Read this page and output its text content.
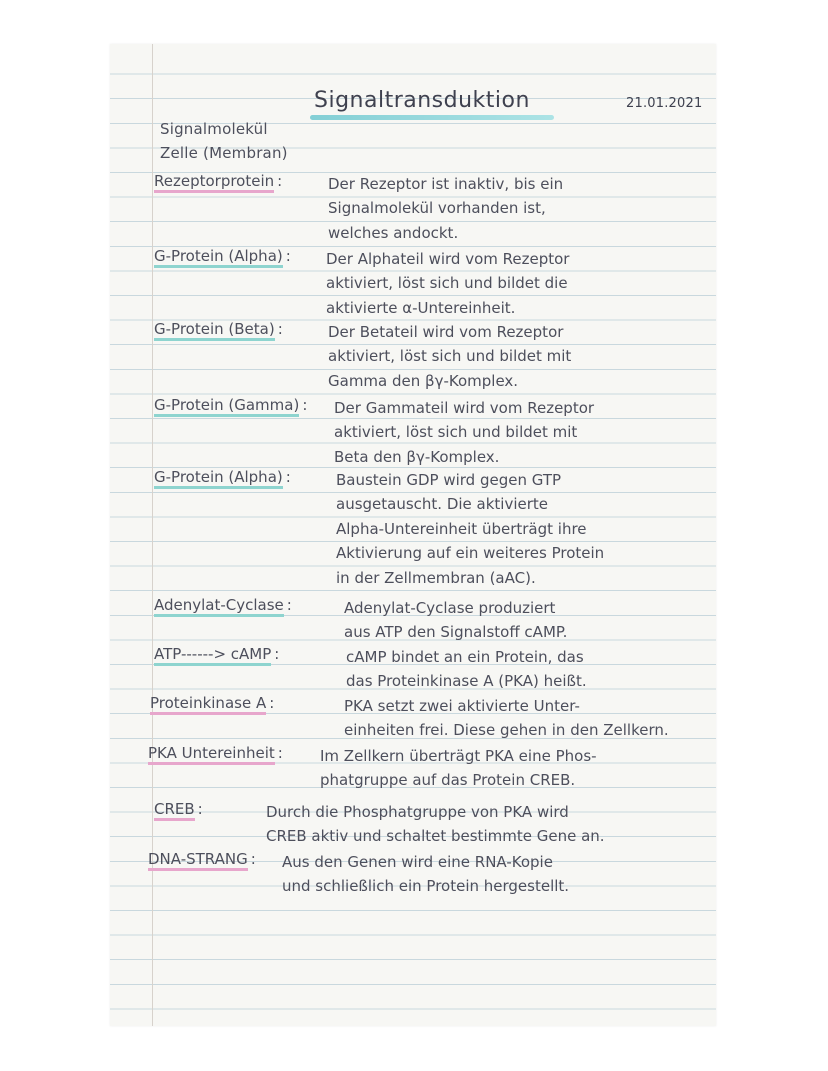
Signaltransduktion	21.01.2021
Signalmolekül
Zelle (Membran)
Rezeptorprotein :	Der Rezeptor ist inaktiv, bis ein
Signalmolekül vorhanden ist,
welches andockt.
G-Protein (Alpha) : Der Alphateil wird vom Rezeptor
aktiviert, löst sich und bildet die
aktivierte α-Untereinheit.
G-Protein (Beta) :	Der Betateil wird vom Rezeptor
aktiviert, löst sich und bildet mit
Gamma den βγ-Komplex.
G-Protein (Gamma) : Der Gammateil wird vom Rezeptor
aktiviert, löst sich und bildet mit
Beta den βγ-Komplex.
G-Protein (Alpha) :	Baustein GDP wird gegen GTP
ausgetauscht. Die aktivierte
Alpha-Untereinheit überträgt ihre
Aktivierung auf ein weiteres Protein
in der Zellmembran (aAC).
Adenylat-Cyclase :	Adenylat-Cyclase produziert
aus ATP den Signalstoff cAMP.
ATP------> cAMP :	cAMP bindet an ein Protein, das
das Proteinkinase A (PKA) heißt.
Proteinkinase A :	PKA setzt zwei aktivierte Unter-
einheiten frei. Diese gehen in den Zellkern.
PKA Untereinheit : Im Zellkern überträgt PKA eine Phos-
phatgruppe auf das Protein CREB.
CREB :	Durch die Phosphatgruppe von PKA wird
CREB aktiv und schaltet bestimmte Gene an.
DNA-STRANG : Aus den Genen wird eine RNA-Kopie
und schließlich ein Protein hergestellt.
